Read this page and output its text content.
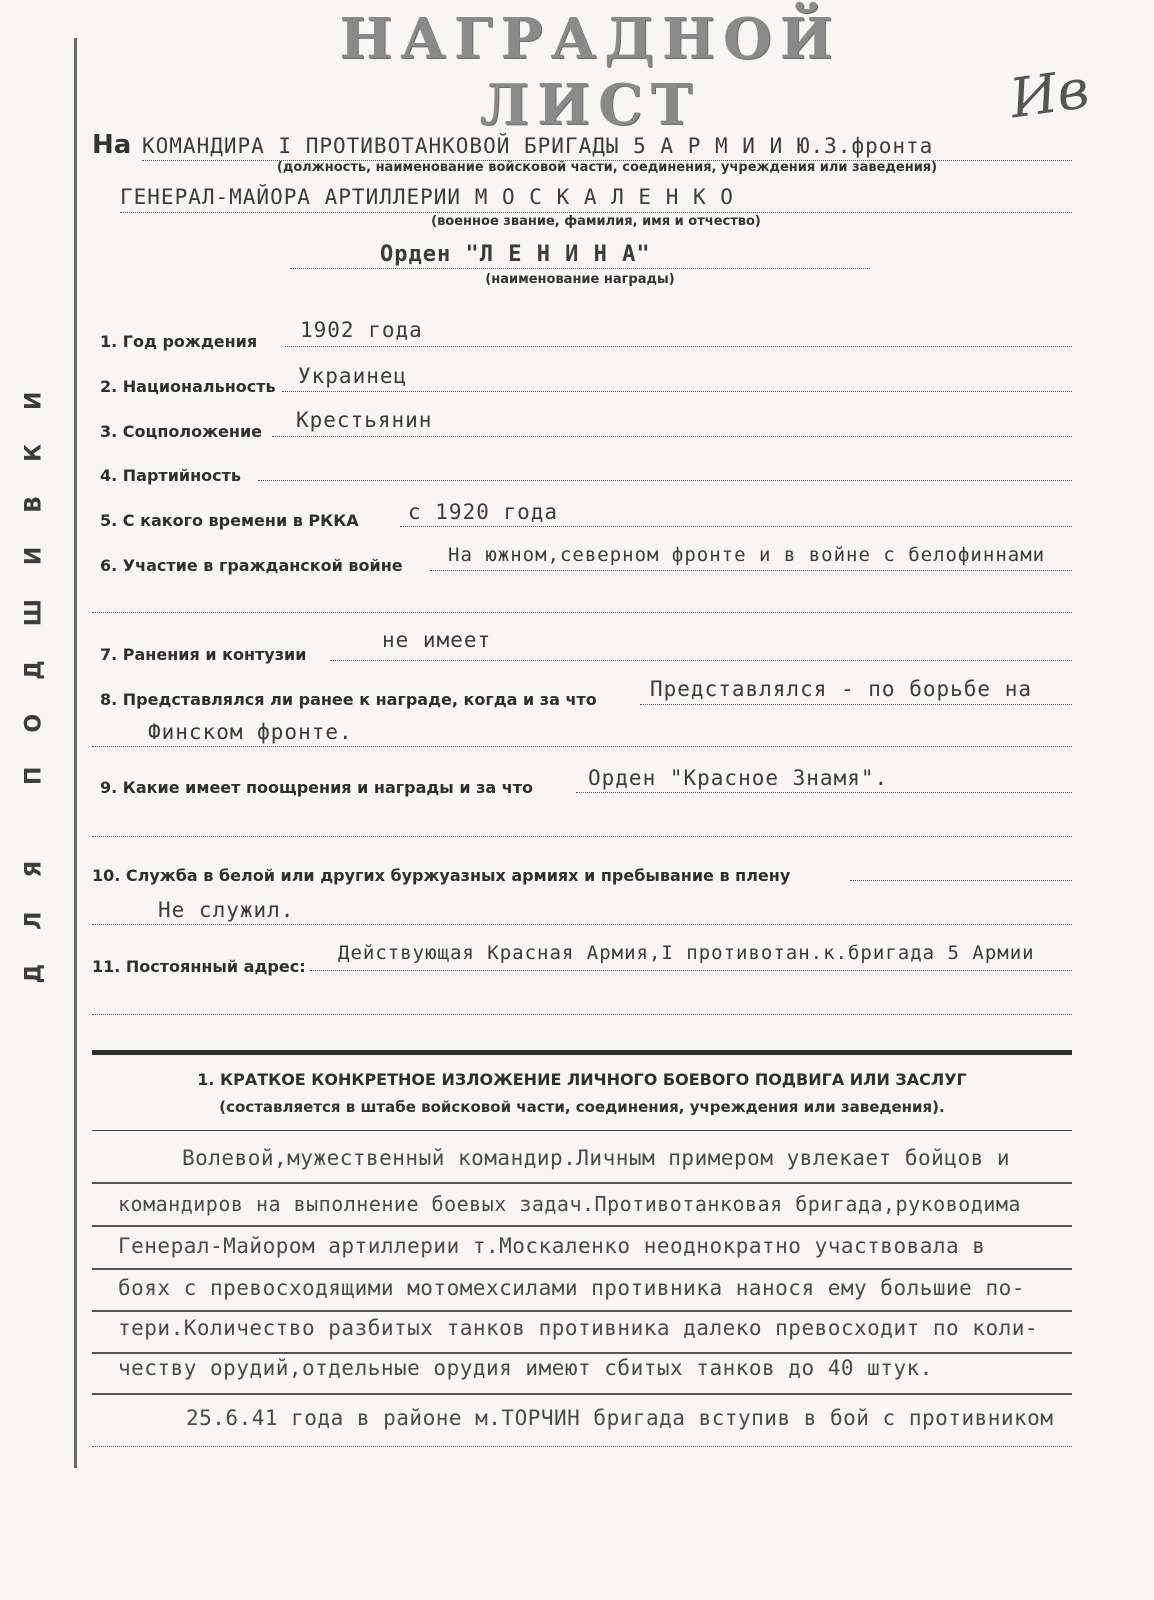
ДЛЯ ПОДШИВКИ
НАГРАДНОЙ ЛИСТ	Ив
На КОМАНДИРА I ПРОТИВОТАНКОВОЙ БРИГАДЫ 5 А Р М И И Ю.З.фронта
(должность, наименование войсковой части, соединения, учреждения или заведения)
ГЕНЕРАЛ-МАЙОРА АРТИЛЛЕРИИ М О С К А Л Е Н К О
(военное звание, фамилия, имя и отчество)
Орден "Л Е Н И Н А"
(наименование награды)
1. Год рождения 1902 года
2. Национальность Украинец
3. Соцположение Крестьянин
4. Партийность
5. С какого времени в РККА с 1920 года
6. Участие в гражданской войне На южном,северном фронте и в войне с белофиннами
7. Ранения и контузии
не имеет
8. Представлялся ли ранее к награде, когда и за что	Представлялся - по борьбе на
Финском фронте.
9. Какие имеет поощрения и награды и за что	Орден "Красное Знамя".
10. Служба в белой или других буржуазных армиях и пребывание в плену
Не служил.
11. Постоянный адрес:
Действующая Красная Армия,I противотан.к.бригада 5 Армии
1. КРАТКОЕ КОНКРЕТНОЕ ИЗЛОЖЕНИЕ ЛИЧНОГО БОЕВОГО ПОДВИГА ИЛИ ЗАСЛУГ
(составляется в штабе войсковой части, соединения, учреждения или заведения).
Волевой,мужественный командир.Личным примером увлекает бойцов и
командиров на выполнение боевых задач.Противотанковая бригада,руководима
Генерал-Майором артиллерии т.Москаленко неоднократно участвовала в
боях с превосходящими мотомехсилами противника нанося ему большие по-
тери.Количество разбитых танков противника далеко превосходит по коли-
честву орудий,отдельные орудия имеют сбитых танков до 40 штук.
25.6.41 года в районе м.ТОРЧИН бригада вступив в бой с противником
